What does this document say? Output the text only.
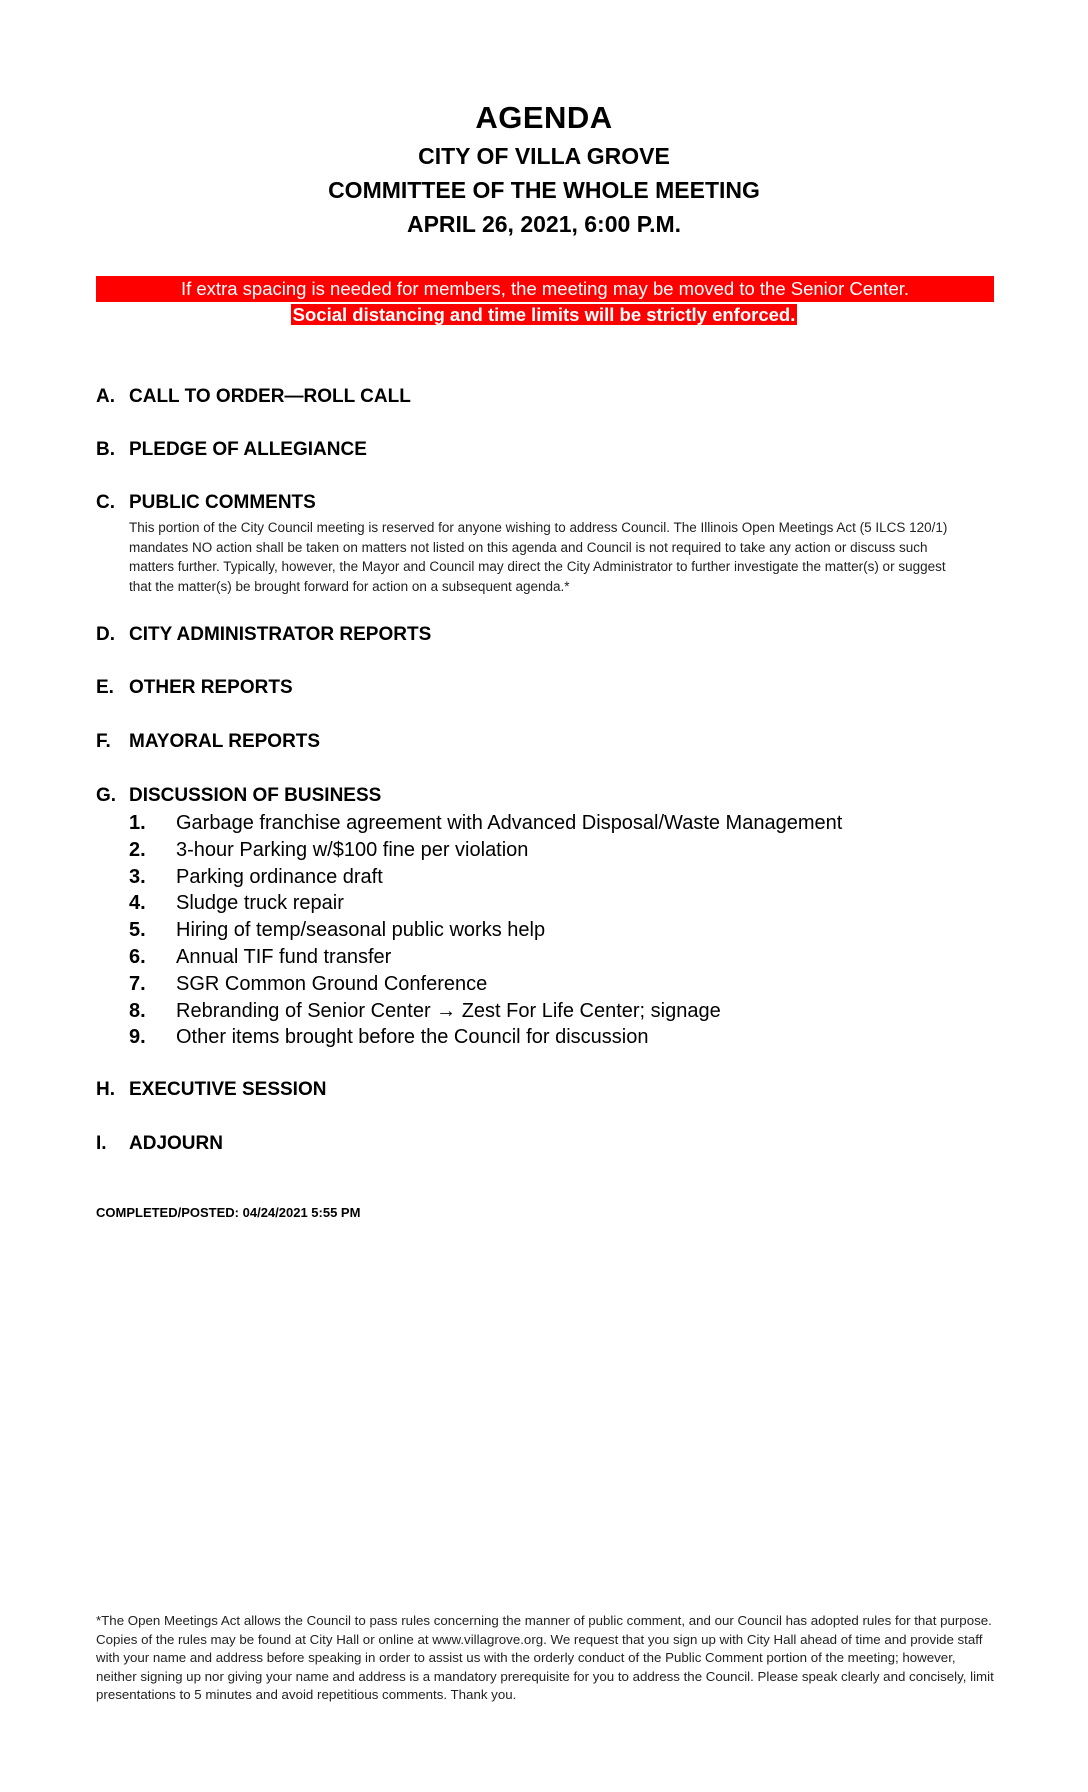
AGENDA
CITY OF VILLA GROVE
COMMITTEE OF THE WHOLE MEETING
APRIL 26, 2021, 6:00 P.M.
If extra spacing is needed for members, the meeting may be moved to the Senior Center.
Social distancing and time limits will be strictly enforced.
A. CALL TO ORDER—ROLL CALL
B. PLEDGE OF ALLEGIANCE
C. PUBLIC COMMENTS
This portion of the City Council meeting is reserved for anyone wishing to address Council. The Illinois Open Meetings Act (5 ILCS 120/1) mandates NO action shall be taken on matters not listed on this agenda and Council is not required to take any action or discuss such matters further. Typically, however, the Mayor and Council may direct the City Administrator to further investigate the matter(s) or suggest that the matter(s) be brought forward for action on a subsequent agenda.*
D. CITY ADMINISTRATOR REPORTS
E. OTHER REPORTS
F. MAYORAL REPORTS
G. DISCUSSION OF BUSINESS
1. Garbage franchise agreement with Advanced Disposal/Waste Management
2. 3-hour Parking w/$100 fine per violation
3. Parking ordinance draft
4. Sludge truck repair
5. Hiring of temp/seasonal public works help
6. Annual TIF fund transfer
7. SGR Common Ground Conference
8. Rebranding of Senior Center → Zest For Life Center; signage
9. Other items brought before the Council for discussion
H. EXECUTIVE SESSION
I. ADJOURN
COMPLETED/POSTED: 04/24/2021 5:55 PM
*The Open Meetings Act allows the Council to pass rules concerning the manner of public comment, and our Council has adopted rules for that purpose. Copies of the rules may be found at City Hall or online at www.villagrove.org. We request that you sign up with City Hall ahead of time and provide staff with your name and address before speaking in order to assist us with the orderly conduct of the Public Comment portion of the meeting; however, neither signing up nor giving your name and address is a mandatory prerequisite for you to address the Council. Please speak clearly and concisely, limit presentations to 5 minutes and avoid repetitious comments. Thank you.
